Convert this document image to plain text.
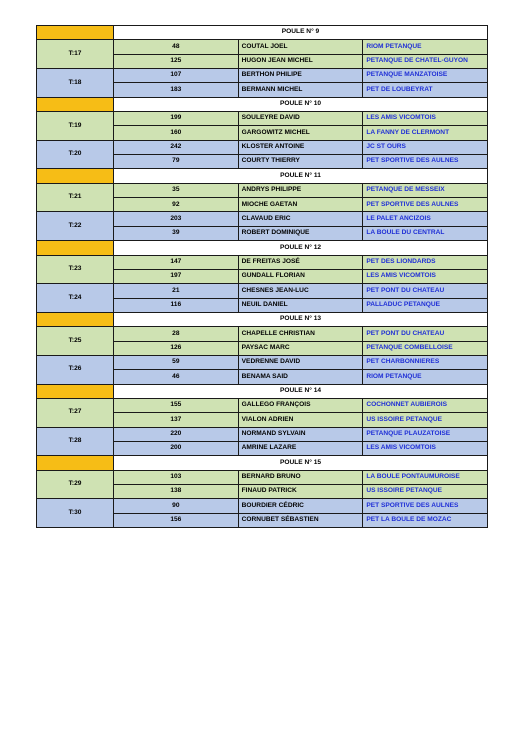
	POULE N° 9		
T:17	48	COUTAL JOEL	RIOM PETANQUE
	125	HUGON JEAN MICHEL	PETANQUE DE CHATEL-GUYON
T:18	107	BERTHON PHILIPE	PETANQUE MANZATOISE
	183	BERMANN MICHEL	PET DE LOUBEYRAT
	POULE N° 10		
T:19	199	SOULEYRE DAVID	LES AMIS VICOMTOIS
	160	GARGOWITZ MICHEL	LA FANNY DE CLERMONT
T:20	242	KLOSTER ANTOINE	JC ST OURS
	79	COURTY THIERRY	PET SPORTIVE DES AULNES
	POULE N° 11		
T:21	35	ANDRYS PHILIPPE	PETANQUE DE MESSEIX
	92	MIOCHE GAETAN	PET SPORTIVE DES AULNES
T:22	203	CLAVAUD ERIC	LE PALET ANCIZOIS
	39	ROBERT DOMINIQUE	LA BOULE DU CENTRAL
	POULE N° 12		
T:23	147	DE FREITAS JOSÉ	PET DES LIONDARDS
	197	GUNDALL FLORIAN	LES AMIS VICOMTOIS
T:24	21	CHESNES JEAN-LUC	PET PONT DU CHATEAU
	116	NEUIL DANIEL	PALLADUC PETANQUE
	POULE N° 13		
T:25	28	CHAPELLE CHRISTIAN	PET PONT DU CHATEAU
	126	PAYSAC MARC	PETANQUE COMBELLOISE
T:26	59	VEDRENNE DAVID	PET CHARBONNIERES
	46	BENAMA SAID	RIOM PETANQUE
	POULE N° 14		
T:27	155	GALLEGO FRANÇOIS	COCHONNET AUBIEROIS
	137	VIALON ADRIEN	US ISSOIRE PETANQUE
T:28	220	NORMAND SYLVAIN	PETANQUE PLAUZATOISE
	200	AMRINE LAZARE	LES AMIS VICOMTOIS
	POULE N° 15		
T:29	103	BERNARD BRUNO	LA BOULE PONTAUMUROISE
	138	FINAUD PATRICK	US ISSOIRE PETANQUE
T:30	90	BOURDIER CÉDRIC	PET SPORTIVE DES AULNES
	156	CORNUBET SÉBASTIEN	PET LA BOULE DE MOZAC
